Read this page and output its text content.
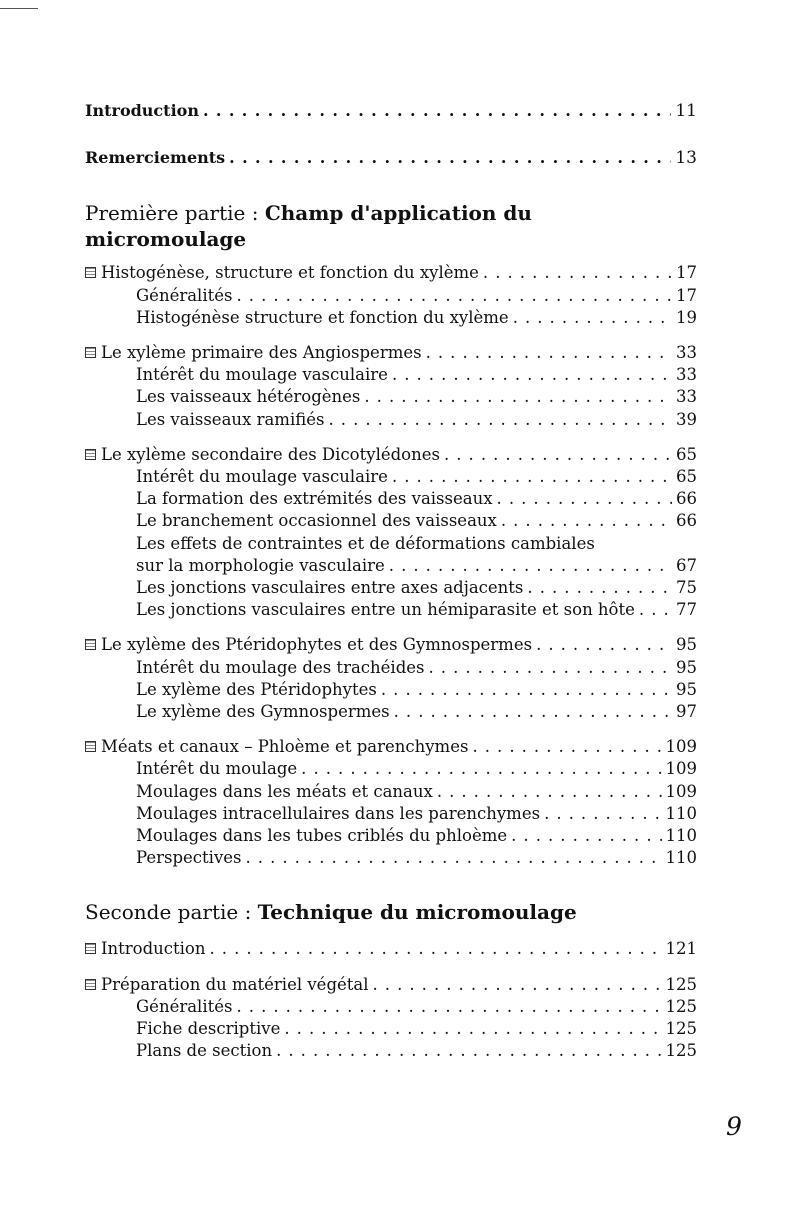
Introduction . . .	11
Remerciements . . .	13
Première partie : Champ d'application du micromoulage
Histogénèse, structure et fonction du xylème . . .	17
Généralités . . .	17
Histogénèse structure et fonction du xylème . . .	19
Le xylème primaire des Angiospermes . . .	33
Intérêt du moulage vasculaire . . .	33
Les vaisseaux hétérogènes . . .	33
Les vaisseaux ramifiés . . .	39
Le xylème secondaire des Dicotylédones . . .	65
Intérêt du moulage vasculaire . . .	65
La formation des extrémités des vaisseaux . . .	66
Le branchement occasionnel des vaisseaux . . .	66
Les effets de contraintes et de déformations cambiales
sur la morphologie vasculaire . . .	67
Les jonctions vasculaires entre axes adjacents . . .	75
Les jonctions vasculaires entre un hémiparasite et son hôte . . . 77
Le xylème des Ptéridophytes et des Gymnospermes . . .	95
Intérêt du moulage des trachéides . . .	95
Le xylème des Ptéridophytes . . .	95
Le xylème des Gymnospermes . . .	97
Méats et canaux – Phloème et parenchymes . . .	109
Intérêt du moulage . . .	109
Moulages dans les méats et canaux . . .	109
Moulages intracellulaires dans les parenchymes . . .	110
Moulages dans les tubes criblés du phloème . . .	110
Perspectives . . .	110
Seconde partie : Technique du micromoulage
Introduction . . .	121
Préparation du matériel végétal . . .	125
Généralités . . .	125
Fiche descriptive . . .	125
Plans de section . . .	125
9
